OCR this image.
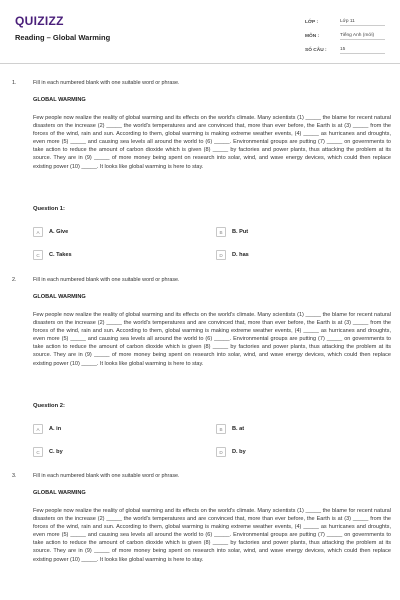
QUIZIZZ
Reading – Global Warming
LỚP :	Lớp 11
MÔN :	Tiếng Anh (mới)
SỐ CÂU :	15
1.	Fill in each numbered blank with one suitable word or phrase.
GLOBAL WARMING
Few people now realize the reality of global warming and its effects on the world's climate. Many scientists (1) _____ the blame for recent natural disasters on the increase (2) _____ the world's temperatures and are convinced that, more than ever before, the Earth is at (3) _____ from the forces of the wind, rain and sun. According to them, global warming is making extreme weather events, (4) _____ as hurricanes and droughts, even more (5) _____ and causing sea levels all around the world to (6) _____. Environmental groups are putting (7) _____ on governments to take action to reduce the amount of carbon dioxide which is given (8) _____ by factories and power plants, thus attacking the problem at its source. They are in (9) _____ of more money being spent on research into solar, wind, and wave energy devices, which could then replace existing power (10) _____. It looks like global warming is here to stay.
Question 1:
A	A. Give	B	B. Put
C	C. Takes	D	D. has
2.	Fill in each numbered blank with one suitable word or phrase.
GLOBAL WARMING
Few people now realize the reality of global warming and its effects on the world's climate. Many scientists (1) _____ the blame for recent natural disasters on the increase (2) _____ the world's temperatures and are convinced that, more than ever before, the Earth is at (3) _____ from the forces of the wind, rain and sun. According to them, global warming is making extreme weather events, (4) _____ as hurricanes and droughts, even more (5) _____ and causing sea levels all around the world to (6) _____. Environmental groups are putting (7) _____ on governments to take action to reduce the amount of carbon dioxide which is given (8) _____ by factories and power plants, thus attacking the problem at its source. They are in (9) _____ of more money being spent on research into solar, wind, and wave energy devices, which could then replace existing power (10) _____. It looks like global warming is here to stay.
Question 2:
A	A. in	B	B. at
C	C. by	D	D. by
3.	Fill in each numbered blank with one suitable word or phrase.
GLOBAL WARMING
Few people now realize the reality of global warming and its effects on the world's climate. Many scientists (1) _____ the blame for recent natural disasters on the increase (2) _____ the world's temperatures and are convinced that, more than ever before, the Earth is at (3) _____ from the forces of the wind, rain and sun. According to them, global warming is making extreme weather events, (4) _____ as hurricanes and droughts, even more (5) _____ and causing sea levels all around the world to (6) _____. Environmental groups are putting (7) _____ on governments to take action to reduce the amount of carbon dioxide which is given (8) _____ by factories and power plants, thus attacking the problem at its source. They are in (9) _____ of more money being spent on research into solar, wind, and wave energy devices, which could then replace existing power (10) _____. It looks like global warming is here to stay.
